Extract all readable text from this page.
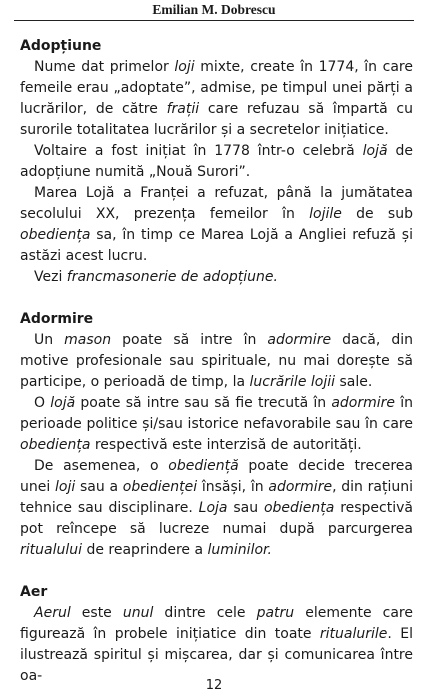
Emilian M. Dobrescu
Adopțiune

Nume dat primelor loji mixte, create în 1774, în care femeile erau „adoptate”, admise, pe timpul unei părți a lucrărilor, de către frații care refuzau să împartă cu surorile totalitatea lucrărilor și a secretelor inițiatice.

Voltaire a fost inițiat în 1778 într-o celebră lojă de adopțiune numită „Nouă Surori”.

Marea Lojă a Franței a refuzat, până la jumătatea secolului XX, prezența femeilor în lojile de sub obediența sa, în timp ce Marea Lojă a Angliei refuză și astăzi acest lucru.

Vezi francmasonerie de adopțiune.

Adormire

Un mason poate să intre în adormire dacă, din motive profesionale sau spirituale, nu mai dorește să participe, o perioadă de timp, la lucrările lojii sale.

O lojă poate să intre sau să fie trecută în adormire în perioade politice și/sau istorice nefavorabile sau în care obediența respectivă este interzisă de autorități.

De asemenea, o obediență poate decide trecerea unei loji sau a obedienței însăși, în adormire, din rațiuni tehnice sau disciplinare. Loja sau obediența respectivă pot reîncepe să lucreze numai după parcurgerea ritualului de reaprindere a luminilor.

Aer

Aerul este unul dintre cele patru elemente care figurează în probele inițiatice din toate ritualurile. El ilustrează spiritul și mișcarea, dar și comunicarea între oa-

12
